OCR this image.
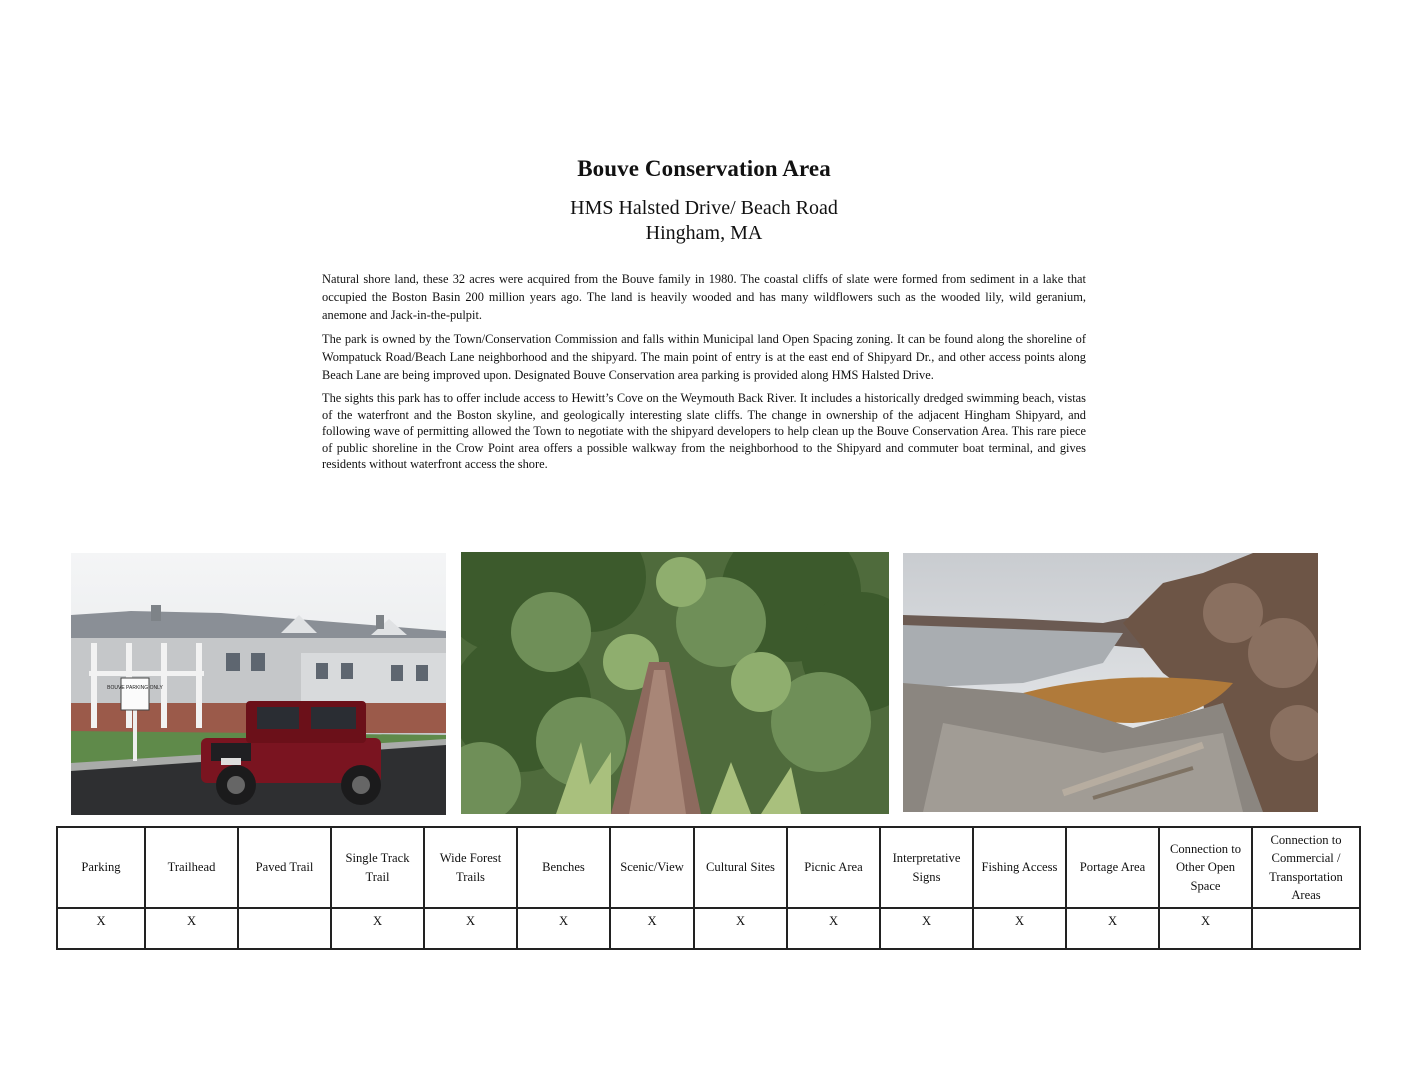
Bouve Conservation Area
HMS Halsted Drive/ Beach Road
Hingham, MA

Natural shore land, these 32 acres were acquired from the Bouve family in 1980. The coastal cliffs of slate were formed from sediment in a lake that occupied the Boston Basin 200 million years ago. The land is heavily wooded and has many wildflowers such as the wooded lily, wild geranium, anemone and Jack-in-the-pulpit.

The park is owned by the Town/Conservation Commission and falls within Municipal land Open Spacing zoning. It can be found along the shoreline of Wompatuck Road/Beach Lane neighborhood and the shipyard. The main point of entry is at the east end of Shipyard Dr., and other access points along Beach Lane are being improved upon. Designated Bouve Conservation area parking is provided along HMS Halsted Drive.

The sights this park has to offer include access to Hewitt’s Cove on the Weymouth Back River. It includes a historically dredged swimming beach, vistas of the waterfront and the Boston skyline, and geologically interesting slate cliffs. The change in ownership of the adjacent Hingham Shipyard, and following wave of permitting allowed the Town to negotiate with the shipyard developers to help clean up the Bouve Conservation Area. This rare piece of public shoreline in the Crow Point area offers a possible walkway from the neighborhood to the Shipyard and commuter boat terminal, and gives residents without waterfront access the shore.

BOUVE PARKING ONLY
Parking	Trailhead	Paved Trail	Single Track Trail	Wide Forest Trails	Benches	Scenic/View	Cultural Sites	Picnic Area	Interpretative Signs	Fishing Access	Portage Area	Connection to Other Open Space	Connection to Commercial / Transportation Areas
X	X		X	X	X	X	X	X	X	X	X	X	
